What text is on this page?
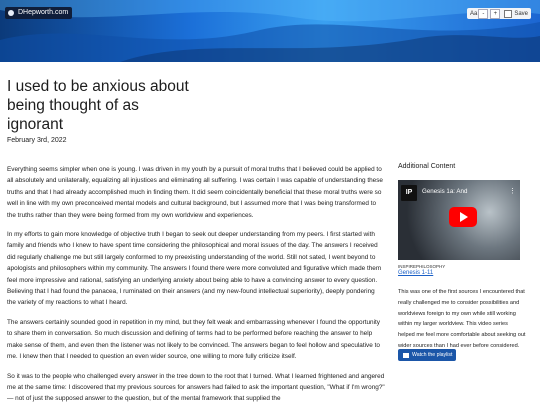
DHepworth.com	Aa -	+	Save
I used to be anxious about being thought of as ignorant
February 3rd, 2022

Everything seems simpler when one is young. I was driven in my youth by a pursuit of moral truths that I believed could be applied to all absolutely and unilaterally, equalizing all injustices and eliminating all suffering. I was certain I was capable of understanding these truths and that I had already accomplished much in finding them. It did seem coincidentally beneficial that these moral truths were so well in line with my own preconceived mental models and cultural background, but I assumed more that I was being transformed to the truths rather than they were being formed from my own worldview and experiences.

In my efforts to gain more knowledge of objective truth I began to seek out deeper understanding from my peers. I first started with family and friends who I knew to have spent time considering the philosophical and moral issues of the day. The answers I received did regularly challenge me but still largely conformed to my preexisting understanding of the world. Still not sated, I went beyond to apologists and philosophers within my community. The answers I found there were more convoluted and figurative which made them feel more impressive and rational, satisfying an underlying anxiety about being able to have a convincing answer to every question. Believing that I had found the panacea, I ruminated on their answers (and my new-found intellectual superiority), deeply pondering the variety of my reactions to what I heard.

The answers certainly sounded good in repetition in my mind, but they felt weak and embarrassing whenever I found the opportunity to share them in conversation. So much discussion and defining of terms had to be performed before reaching the answer to help make sense of them, and even then the listener was not likely to be convinced. The answers began to feel hollow and speculative to me. I knew then that I needed to question an even wider source, one willing to more fully criticize itself.

So it was to the people who challenged every answer in the tree down to the root that I turned. What I learned frightened and angered me at the same time: I discovered that my previous sources for answers had failed to ask the important question, "What if I'm wrong?" — not of just the supposed answer to the question, but of the mental framework that supplied the

Additional Content
IP	Genesis 1a: And	⋮
INSPIREPHILOSOPHY
Genesis 1-11

This was one of the first sources I encountered that really challenged me to consider possibilities and worldviews foreign to my own while still working within my larger worldview. This video series helped me feel more comfortable about seeking out wider sources than I had ever before considered.

Watch the playlist
